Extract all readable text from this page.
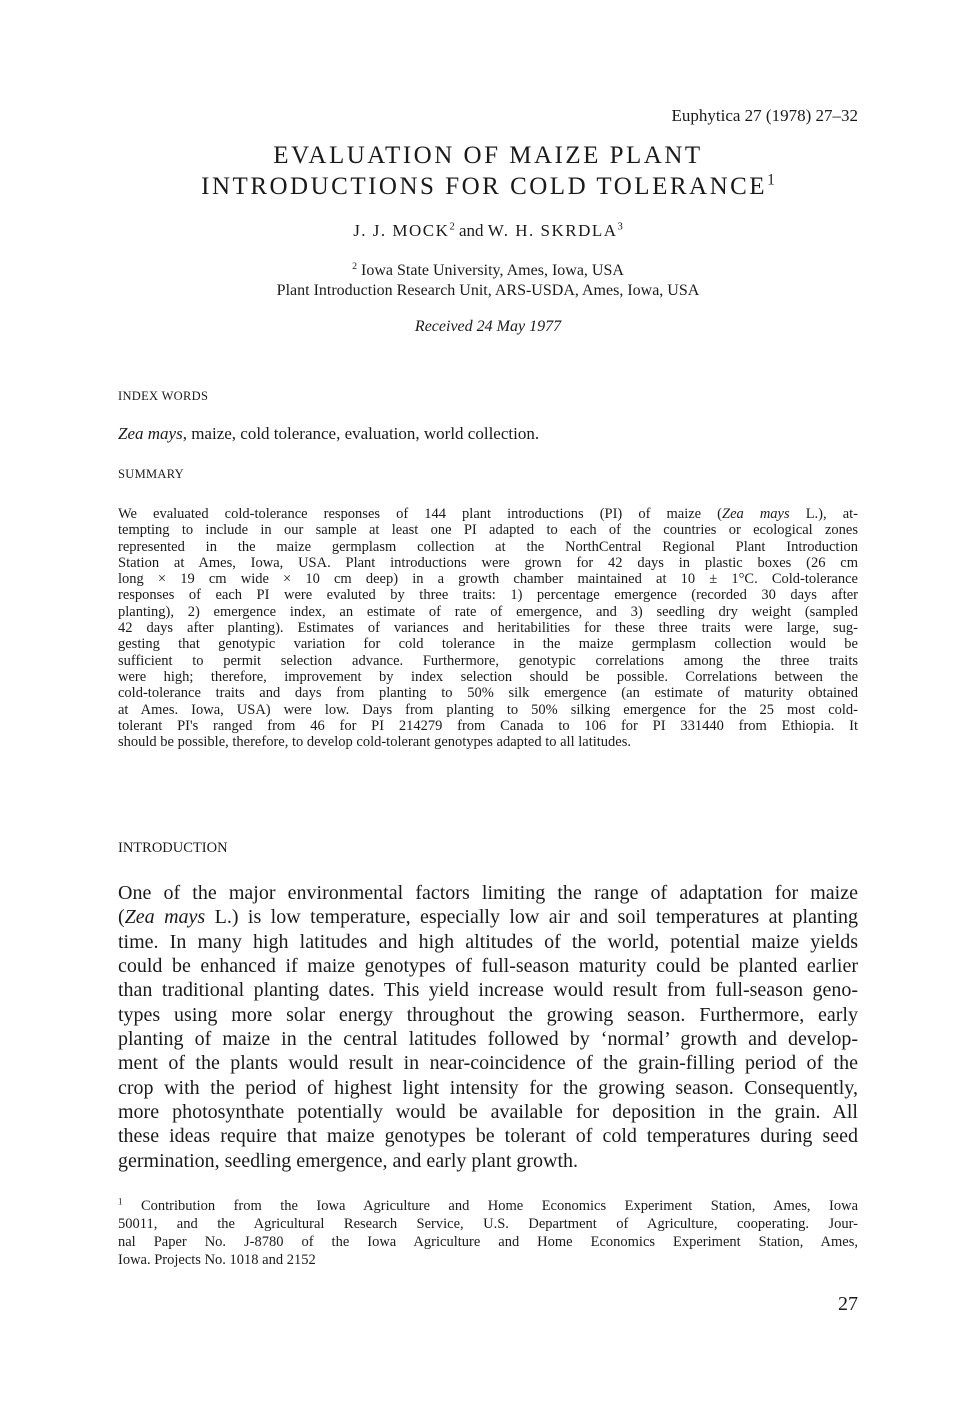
Euphytica 27 (1978) 27–32
EVALUATION OF MAIZE PLANT
INTRODUCTIONS FOR COLD TOLERANCE$^1$
J. J. MOCK$^2$ and W. H. SKRDLA$^3$
$^2$ Iowa State University, Ames, Iowa, USA
Plant Introduction Research Unit, ARS-USDA, Ames, Iowa, USA
Received 24 May 1977
INDEX WORDS
Zea mays, maize, cold tolerance, evaluation, world collection.
SUMMARY
We evaluated cold-tolerance responses of 144 plant introductions (PI) of maize (Zea mays L.), at-
tempting to include in our sample at least one PI adapted to each of the countries or ecological zones
represented in the maize germplasm collection at the NorthCentral Regional Plant Introduction
Station at Ames, Iowa, USA. Plant introductions were grown for 42 days in plastic boxes (26 cm
long × 19 cm wide × 10 cm deep) in a growth chamber maintained at 10 ± 1°C. Cold-tolerance
responses of each PI were evaluted by three traits: 1) percentage emergence (recorded 30 days after
planting), 2) emergence index, an estimate of rate of emergence, and 3) seedling dry weight (sampled
42 days after planting). Estimates of variances and heritabilities for these three traits were large, sug-
gesting that genotypic variation for cold tolerance in the maize germplasm collection would be
sufficient to permit selection advance. Furthermore, genotypic correlations among the three traits
were high; therefore, improvement by index selection should be possible. Correlations between the
cold-tolerance traits and days from planting to 50% silk emergence (an estimate of maturity obtained
at Ames. Iowa, USA) were low. Days from planting to 50% silking emergence for the 25 most cold-
tolerant PI's ranged from 46 for PI 214279 from Canada to 106 for PI 331440 from Ethiopia. It
should be possible, therefore, to develop cold-tolerant genotypes adapted to all latitudes.
INTRODUCTION
One of the major environmental factors limiting the range of adaptation for maize
(Zea mays L.) is low temperature, especially low air and soil temperatures at planting
time. In many high latitudes and high altitudes of the world, potential maize yields
could be enhanced if maize genotypes of full-season maturity could be planted earlier
than traditional planting dates. This yield increase would result from full-season geno-
types using more solar energy throughout the growing season. Furthermore, early
planting of maize in the central latitudes followed by ‘normal’ growth and develop-
ment of the plants would result in near-coincidence of the grain-filling period of the
crop with the period of highest light intensity for the growing season. Consequently,
more photosynthate potentially would be available for deposition in the grain. All
these ideas require that maize genotypes be tolerant of cold temperatures during seed
germination, seedling emergence, and early plant growth.
$^1$ Contribution from the Iowa Agriculture and Home Economics Experiment Station, Ames, Iowa
50011, and the Agricultural Research Service, U.S. Department of Agriculture, cooperating. Jour-
nal Paper No. J-8780 of the Iowa Agriculture and Home Economics Experiment Station, Ames,
Iowa. Projects No. 1018 and 2152
27
